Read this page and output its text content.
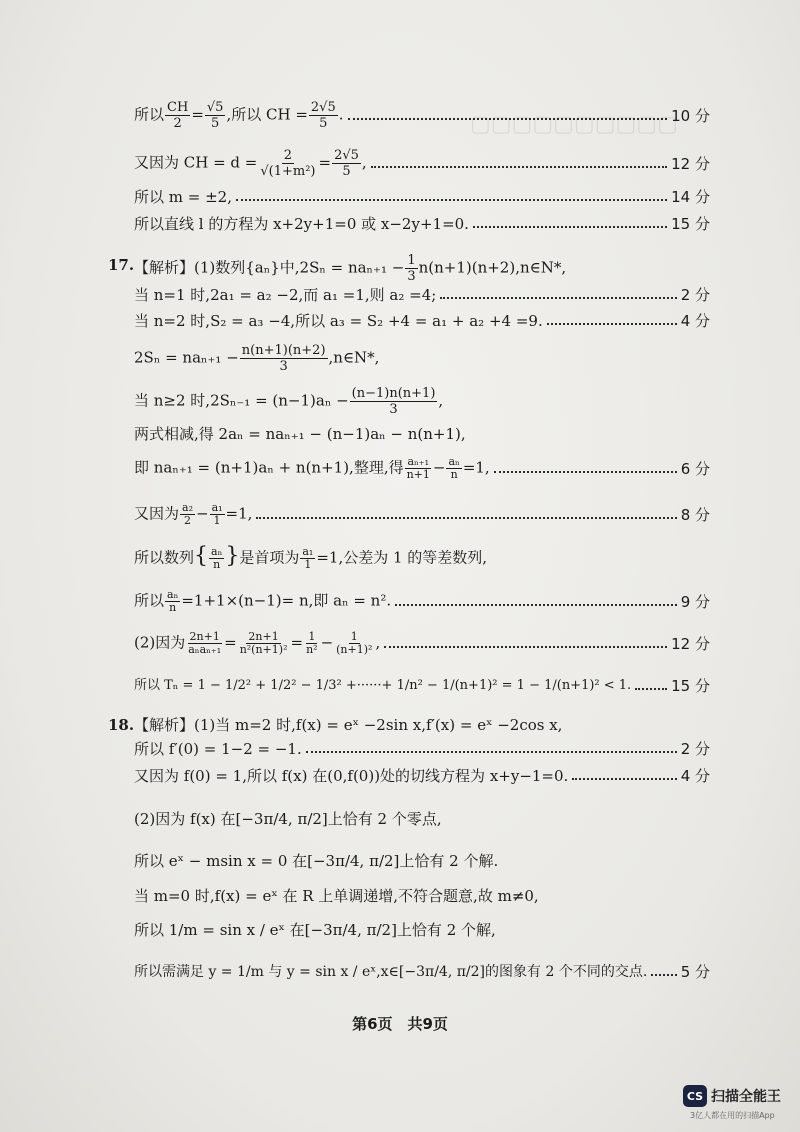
▢▢▢▢▢▢▢▢▢▢
所以 $\frac{CH}{2} = \frac{√5}{5}$ ,所以 CH = $\frac{2√5}{5}$ .	10 分
又因为 CH = $d = \frac{2}{\text{√(1+m²)}} = \frac{2√5}{5}$ ,	12 分
所以 m = ±2,	14 分
所以直线 l 的方程为 x+2y+1=0 或 x−2y+1=0.	15 分
17. 【解析】(1)数列{aₙ}中$,2S_n = na_{n+1} - \frac{1}{3}$ n(n+1)(n+2),n∈N*,
当 n=1 时,2a₁ = a₂ −2,而 a₁ =1,则 a₂ =4;	2 分
当 n=2 时,S₂ = a₃ −4,所以 a₃ = S₂ +4 = a₁ + a₂ +4 =9.	4 分
$2S_n = na_{n+1} - \frac{n(n+1)(n+2)}{3}$ ,n∈N*,
当 n≥2 时$,2S_{n-1} = (n-1)a_n - \frac{(n-1)n(n+1)}{3}$ ,
两式相减,得 2aₙ = naₙ₊₁ − (n−1)aₙ − n(n+1),
即 naₙ₊₁ = (n+1)aₙ + n(n+1),整理,得 $\frac{\text{aₙ₊₁}}{n+1} - \frac{\text{aₙ}}{n} =1$,	6 分
又因为 $\frac{\text{a₂}}{2} - \frac{\text{a₁}}{1} =1$,	8 分
所以数列{ $\frac{\text{aₙ}}{n}$ }是首项为 $\frac{\text{a₁}}{1} =1$,公差为 1 的等差数列,
所以 $\frac{\text{aₙ}}{n} =1+1\times(n-1)= n$,即 aₙ = n².	9 分
(2)因为 $\frac{2n+1}{\text{aₙaₙ₊₁}} = \frac{2n+1}{\text{n²(n+1)²}} = \frac{1}{\text{n²}} - \frac{1}{\text{(n+1)²}}$ ,	12 分
所以 Tₙ = 1 − 1/2² + 1/2² − 1/3² +······+ 1/n² − 1/(n+1)² = 1 − 1/(n+1)² < 1.	15 分
18. 【解析】(1)当 m=2 时,f(x) = eˣ −2sin x,f′(x) = eˣ −2cos x,
所以 f′(0) = 1−2 = −1.	2 分
又因为 f(0) = 1,所以 f(x) 在(0,f(0))处的切线方程为 x+y−1=0.	4 分
(2)因为 f(x) 在[−3π/4, π/2]上恰有 2 个零点,
所以 eˣ − msin x = 0 在[−3π/4, π/2]上恰有 2 个解.
当 m=0 时,f(x) = eˣ 在 R 上单调递增,不符合题意,故 m≠0,
所以 1/m = sin x / eˣ 在[−3π/4, π/2]上恰有 2 个解,
所以需满足 y = 1/m 与 y = sin x / eˣ,x∈[−3π/4, π/2]的图象有 2 个不同的交点. 5 分
第6页　共9页
CS 扫描全能王
3亿人都在用的扫描App
